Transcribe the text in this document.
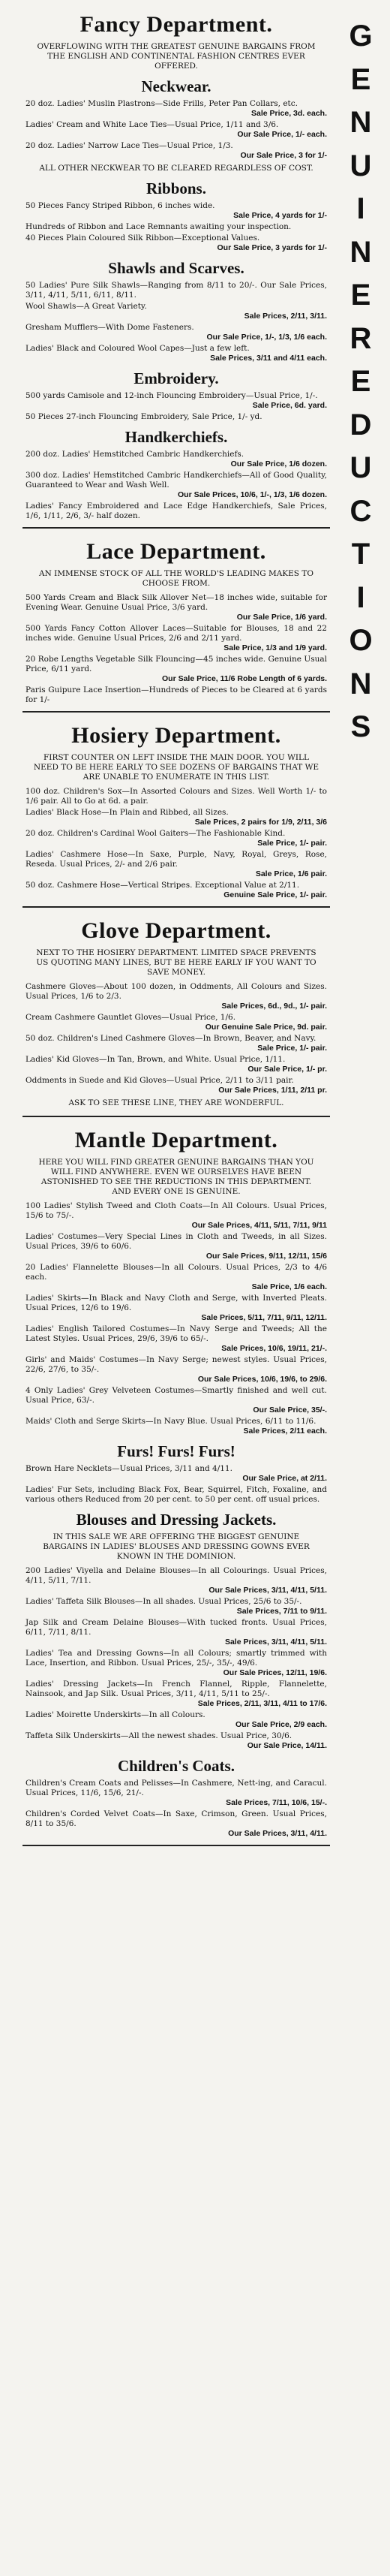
G
E
N
U
I
N
E
R
E
D
U
C
T
I
O
N
S
Fancy Department.
OVERFLOWING WITH THE GREATEST GENUINE BARGAINS FROM THE ENGLISH AND CONTINENTAL FASHION CENTRES EVER OFFERED.
Neckwear.
20 doz. Ladies' Muslin Plastrons—Side Frills, Peter Pan Collars, etc.
Sale Price, 3d. each.
Ladies' Cream and White Lace Ties—Usual Price, 1/11 and 3/6.
Our Sale Price, 1/- each.
20 doz. Ladies' Narrow Lace Ties—Usual Price, 1/3.
Our Sale Price, 3 for 1/-
ALL OTHER NECKWEAR TO BE CLEARED REGARDLESS OF COST.
Ribbons.
50 Pieces Fancy Striped Ribbon, 6 inches wide.
Sale Price, 4 yards for 1/-
Hundreds of Ribbon and Lace Remnants awaiting your inspection.
40 Pieces Plain Coloured Silk Ribbon—Exceptional Values.
Our Sale Price, 3 yards for 1/-
Shawls and Scarves.
50 Ladies' Pure Silk Shawls—Ranging from 8/11 to 20/-. Our Sale Prices, 3/11, 4/11, 5/11, 6/11, 8/11.
Wool Shawls—A Great Variety.
Sale Prices, 2/11, 3/11.
Gresham Mufflers—With Dome Fasteners.
Our Sale Price, 1/-, 1/3, 1/6 each.
Ladies' Black and Coloured Wool Capes—Just a few left.
Sale Prices, 3/11 and 4/11 each.
Embroidery.
500 yards Camisole and 12-inch Flouncing Embroidery—Usual Price, 1/-.
Sale Price, 6d. yard.
50 Pieces 27-inch Flouncing Embroidery, Sale Price, 1/- yd.
Handkerchiefs.
200 doz. Ladies' Hemstitched Cambric Handkerchiefs.
Our Sale Price, 1/6 dozen.
300 doz. Ladies' Hemstitched Cambric Handkerchiefs—All of Good Quality, Guaranteed to Wear and Wash Well.
Our Sale Prices, 10/6, 1/-, 1/3, 1/6 dozen.
Ladies' Fancy Embroidered and Lace Edge Handkerchiefs, Sale Prices, 1/6, 1/11, 2/6, 3/- half dozen.
Lace Department.
AN IMMENSE STOCK OF ALL THE WORLD'S LEADING MAKES TO CHOOSE FROM.
500 Yards Cream and Black Silk Allover Net—18 inches wide, suitable for Evening Wear. Genuine Usual Price, 3/6 yard.
Our Sale Price, 1/6 yard.
500 Yards Fancy Cotton Allover Laces—Suitable for Blouses, 18 and 22 inches wide. Genuine Usual Prices, 2/6 and 2/11 yard.
Sale Price, 1/3 and 1/9 yard.
20 Robe Lengths Vegetable Silk Flouncing—45 inches wide. Genuine Usual Price, 6/11 yard.
Our Sale Price, 11/6 Robe Length of 6 yards.
Paris Guipure Lace Insertion—Hundreds of Pieces to be Cleared at 6 yards for 1/-
Hosiery Department.
FIRST COUNTER ON LEFT INSIDE THE MAIN DOOR. YOU WILL NEED TO BE HERE EARLY TO SEE DOZENS OF BARGAINS THAT WE ARE UNABLE TO ENUMERATE IN THIS LIST.
100 doz. Children's Sox—In Assorted Colours and Sizes. Well Worth 1/- to 1/6 pair. All to Go at 6d. a pair.
Ladies' Black Hose—In Plain and Ribbed, all Sizes.
Sale Prices, 2 pairs for 1/9, 2/11, 3/6
20 doz. Children's Cardinal Wool Gaiters—The Fashionable Kind.
Sale Price, 1/- pair.
Ladies' Cashmere Hose—In Saxe, Purple, Navy, Royal, Greys, Rose, Reseda. Usual Prices, 2/- and 2/6 pair.
Sale Price, 1/6 pair.
50 doz. Cashmere Hose—Vertical Stripes. Exceptional Value at 2/11.
Genuine Sale Price, 1/- pair.
Glove Department.
NEXT TO THE HOSIERY DEPARTMENT. LIMITED SPACE PREVENTS US QUOTING MANY LINES, BUT BE HERE EARLY IF YOU WANT TO SAVE MONEY.
Cashmere Gloves—About 100 dozen, in Oddments, All Colours and Sizes. Usual Prices, 1/6 to 2/3.
Sale Prices, 6d., 9d., 1/- pair.
Cream Cashmere Gauntlet Gloves—Usual Price, 1/6.
Our Genuine Sale Price, 9d. pair.
50 doz. Children's Lined Cashmere Gloves—In Brown, Beaver, and Navy.
Sale Price, 1/- pair.
Ladies' Kid Gloves—In Tan, Brown, and White. Usual Price, 1/11.
Our Sale Price, 1/- pr.
Oddments in Suede and Kid Gloves—Usual Price, 2/11 to 3/11 pair.
Our Sale Prices, 1/11, 2/11 pr.
ASK TO SEE THESE LINE, THEY ARE WONDERFUL.
Mantle Department.
HERE YOU WILL FIND GREATER GENUINE BARGAINS THAN YOU WILL FIND ANYWHERE. EVEN WE OURSELVES HAVE BEEN ASTONISHED TO SEE THE REDUCTIONS IN THIS DEPARTMENT. AND EVERY ONE IS GENUINE.
100 Ladies' Stylish Tweed and Cloth Coats—In All Colours. Usual Prices, 15/6 to 75/-.
Our Sale Prices, 4/11, 5/11, 7/11, 9/11
Ladies' Costumes—Very Special Lines in Cloth and Tweeds, in all Sizes. Usual Prices, 39/6 to 60/6.
Our Sale Prices, 9/11, 12/11, 15/6
20 Ladies' Flannelette Blouses—In all Colours. Usual Prices, 2/3 to 4/6 each.
Sale Price, 1/6 each.
Ladies' Skirts—In Black and Navy Cloth and Serge, with Inverted Pleats. Usual Prices, 12/6 to 19/6.
Sale Prices, 5/11, 7/11, 9/11, 12/11.
Ladies' English Tailored Costumes—In Navy Serge and Tweeds; All the Latest Styles. Usual Prices, 29/6, 39/6 to 65/-.
Sale Prices, 10/6, 19/11, 21/-.
Girls' and Maids' Costumes—In Navy Serge; newest styles. Usual Prices, 22/6, 27/6, to 35/-.
Our Sale Prices, 10/6, 19/6, to 29/6.
4 Only Ladies' Grey Velveteen Costumes—Smartly finished and well cut. Usual Price, 63/-.
Our Sale Price, 35/-.
Maids' Cloth and Serge Skirts—In Navy Blue. Usual Prices, 6/11 to 11/6.
Sale Prices, 2/11 each.
Furs! Furs! Furs!
Brown Hare Necklets—Usual Prices, 3/11 and 4/11.
Our Sale Price, at 2/11.
Ladies' Fur Sets, including Black Fox, Bear, Squirrel, Fitch, Foxaline, and various others Reduced from 20 per cent. to 50 per cent. off usual prices.
Blouses and Dressing Jackets.
IN THIS SALE WE ARE OFFERING THE BIGGEST GENUINE BARGAINS IN LADIES' BLOUSES AND DRESSING GOWNS EVER KNOWN IN THE DOMINION.
200 Ladies' Viyella and Delaine Blouses—In all Colourings. Usual Prices, 4/11, 5/11, 7/11.
Our Sale Prices, 3/11, 4/11, 5/11.
Ladies' Taffeta Silk Blouses—In all shades. Usual Prices, 25/6 to 35/-.
Sale Prices, 7/11 to 9/11.
Jap Silk and Cream Delaine Blouses—With tucked fronts. Usual Prices, 6/11, 7/11, 8/11.
Sale Prices, 3/11, 4/11, 5/11.
Ladies' Tea and Dressing Gowns—In all Colours; smartly trimmed with Lace, Insertion, and Ribbon. Usual Prices, 25/-, 35/-, 49/6.
Our Sale Prices, 12/11, 19/6.
Ladies' Dressing Jackets—In French Flannel, Ripple, Flannelette, Nainsook, and Jap Silk. Usual Prices, 3/11, 4/11, 5/11 to 25/-.
Sale Prices, 2/11, 3/11, 4/11 to 17/6.
Ladies' Moirette Underskirts—In all Colours.
Our Sale Price, 2/9 each.
Taffeta Silk Underskirts—All the newest shades. Usual Price, 30/6.
Our Sale Price, 14/11.
Children's Coats.
Children's Cream Coats and Pelisses—In Cashmere, Nett-ing, and Caracul. Usual Prices, 11/6, 15/6, 21/-.
Sale Prices, 7/11, 10/6, 15/-.
Children's Corded Velvet Coats—In Saxe, Crimson, Green. Usual Prices, 8/11 to 35/6.
Our Sale Prices, 3/11, 4/11.
